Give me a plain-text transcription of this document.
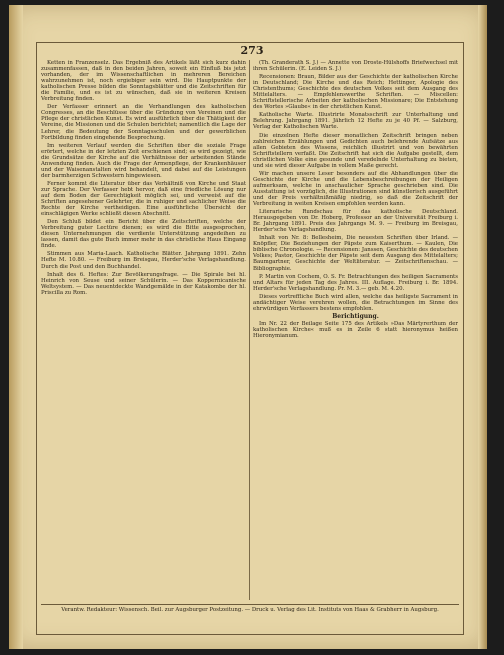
273

Ketten in Franzenselz. Das Ergebniß des Artikels läßt sich kurz dahin zusammenfassen, daß in den beiden Jahren, soweit ein Einfluß bis jetzt vorhanden, der im Wissenschaftlichen in mehreren Bereichen wahrzunehmen ist, noch ergiebiger sein wird. Die Hauptpunkte der katholischen Presse bilden die Sonntagsblätter und die Zeitschriften für die Familie, und es ist zu wünschen, daß sie in weiteren Kreisen Verbreitung finden.

Der Verfasser erinnert an die Verhandlungen des katholischen Congresses, an die Beschlüsse über die Gründung von Vereinen und die Pflege der christlichen Kunst. Es wird ausführlich über die Thätigkeit der Vereine, die Missionen und die Schulen berichtet; namentlich die Lage der Lehrer, die Bedeutung der Sonntagsschulen und der gewerblichen Fortbildung finden eingehende Besprechung.

Im weiteren Verlauf werden die Schriften über die soziale Frage erörtert, welche in der letzten Zeit erschienen sind; es wird gezeigt, wie die Grundsätze der Kirche auf die Verhältnisse der arbeitenden Stände Anwendung finden. Auch die Frage der Armenpflege, der Krankenhäuser und der Waisenanstalten wird behandelt, und dabei auf die Leistungen der barmherzigen Schwestern hingewiesen.

Ferner kommt die Literatur über das Verhältniß von Kirche und Staat zur Sprache. Der Verfasser hebt hervor, daß eine friedliche Lösung nur auf dem Boden der Gerechtigkeit möglich sei, und verweist auf die Schriften angesehener Gelehrter, die in ruhiger und sachlicher Weise die Rechte der Kirche vertheidigen. Eine ausführliche Übersicht der einschlägigen Werke schließt diesen Abschnitt.

Den Schluß bildet ein Bericht über die Zeitschriften, welche der Verbreitung guter Lectüre dienen; es wird die Bitte ausgesprochen, diesen Unternehmungen die verdiente Unterstützung angedeihen zu lassen, damit das gute Buch immer mehr in das christliche Haus Eingang finde.

Stimmen aus Maria-Laach. Katholische Blätter. Jahrgang 1891. Zehn Hefte M. 10.80. — Freiburg im Breisgau, Herder'sche Verlagshandlung. Durch die Post und den Buchhandel.

Inhalt des 6. Heftes: Zur Bevölkerungsfrage. — Die Spirale bei hl. Heinrich von Seuse und seiner Schülerin. — Das Koppernicanische Weltsystem. — Das neuentdeckte Wandgemälde in der Katakombe der hl. Priscilla zu Rom.

(Th. Granderath S. J.) — Annette von Droste-Hülshoffs Briefwechsel mit ihren Schülerin. (E. Leiden S. J.)

Recensionen: Braun, Bilder aus der Geschichte der katholischen Kirche in Deutschland; Die Kirche und das Reich; Hettinger, Apologie des Christenthums; Geschichte des deutschen Volkes seit dem Ausgang des Mittelalters. — Empfehlenswerthe Schriften. — Miscellen: Schriftstellerische Arbeiten der katholischen Missionare; Die Entstehung des Wortes »Glaube« in der christlichen Kunst.

Katholische Warte. Illustrirte Monatsschrift zur Unterhaltung und Belehrung. Jahrgang 1891. Jährlich 12 Hefte zu je 40 Pf. — Salzburg, Verlag der Katholischen Warte.

Die einzelnen Hefte dieser monatlichen Zeitschrift bringen neben zahlreichen Erzählungen und Gedichten auch belehrende Aufsätze aus allen Gebieten des Wissens, reichlich illustrirt und von bewährten Schriftstellern verfaßt. Die Zeitschrift hat sich die Aufgabe gestellt, dem christlichen Volke eine gesunde und veredelnde Unterhaltung zu bieten, und sie wird dieser Aufgabe in vollem Maße gerecht.

Wir machen unsere Leser besonders auf die Abhandlungen über die Geschichte der Kirche und die Lebensbeschreibungen der Heiligen aufmerksam, welche in anschaulicher Sprache geschrieben sind. Die Ausstattung ist vorzüglich, die Illustrationen sind künstlerisch ausgeführt und der Preis verhältnißmäßig niedrig, so daß die Zeitschrift der Verbreitung in weiten Kreisen empfohlen werden kann.

Literarische Rundschau für das katholische Deutschland. Herausgegeben von Dr. Hoberg, Professor an der Universität Freiburg i. Br. Jahrgang 1891. Preis des Jahrgangs M. 9. — Freiburg im Breisgau, Herder'sche Verlagshandlung.

Inhalt von Nr. 8: Bellesheim, Die neuesten Schriften über Irland. — Knöpfler, Die Beziehungen der Päpste zum Kaiserthum. — Kaulen, Die biblische Chronologie. — Recensionen: Janssen, Geschichte des deutschen Volkes; Pastor, Geschichte der Päpste seit dem Ausgang des Mittelalters; Baumgartner, Geschichte der Weltliteratur. — Zeitschriftenschau. — Bibliographie.

P. Martin von Cochem, O. S. Fr. Betrachtungen des heiligen Sacraments und Altars für jeden Tag des Jahres. III. Auflage. Freiburg i. Br. 1894. Herder'sche Verlagshandlung. Pr. M. 3.— geb. M. 4.20.

Dieses vortreffliche Buch wird allen, welche das heiligste Sacrament in andächtiger Weise verehren wollen, die Betrachtungen im Sinne des ehrwürdigen Verfassers bestens empfohlen.

Berichtigung.

Im Nr. 22 der Beilage Seite 175 des Artikels »Das Märtyrerthum der katholischen Kirche« muß es in Zeile 6 statt hieronymus heißen Hieronymianum.

Verantw. Redakteur: Wissensch. Beil. zur Augsburger Postzeitung. — Druck u. Verlag des Lit. Instituts von Haas & Grabherr in Augsburg.
